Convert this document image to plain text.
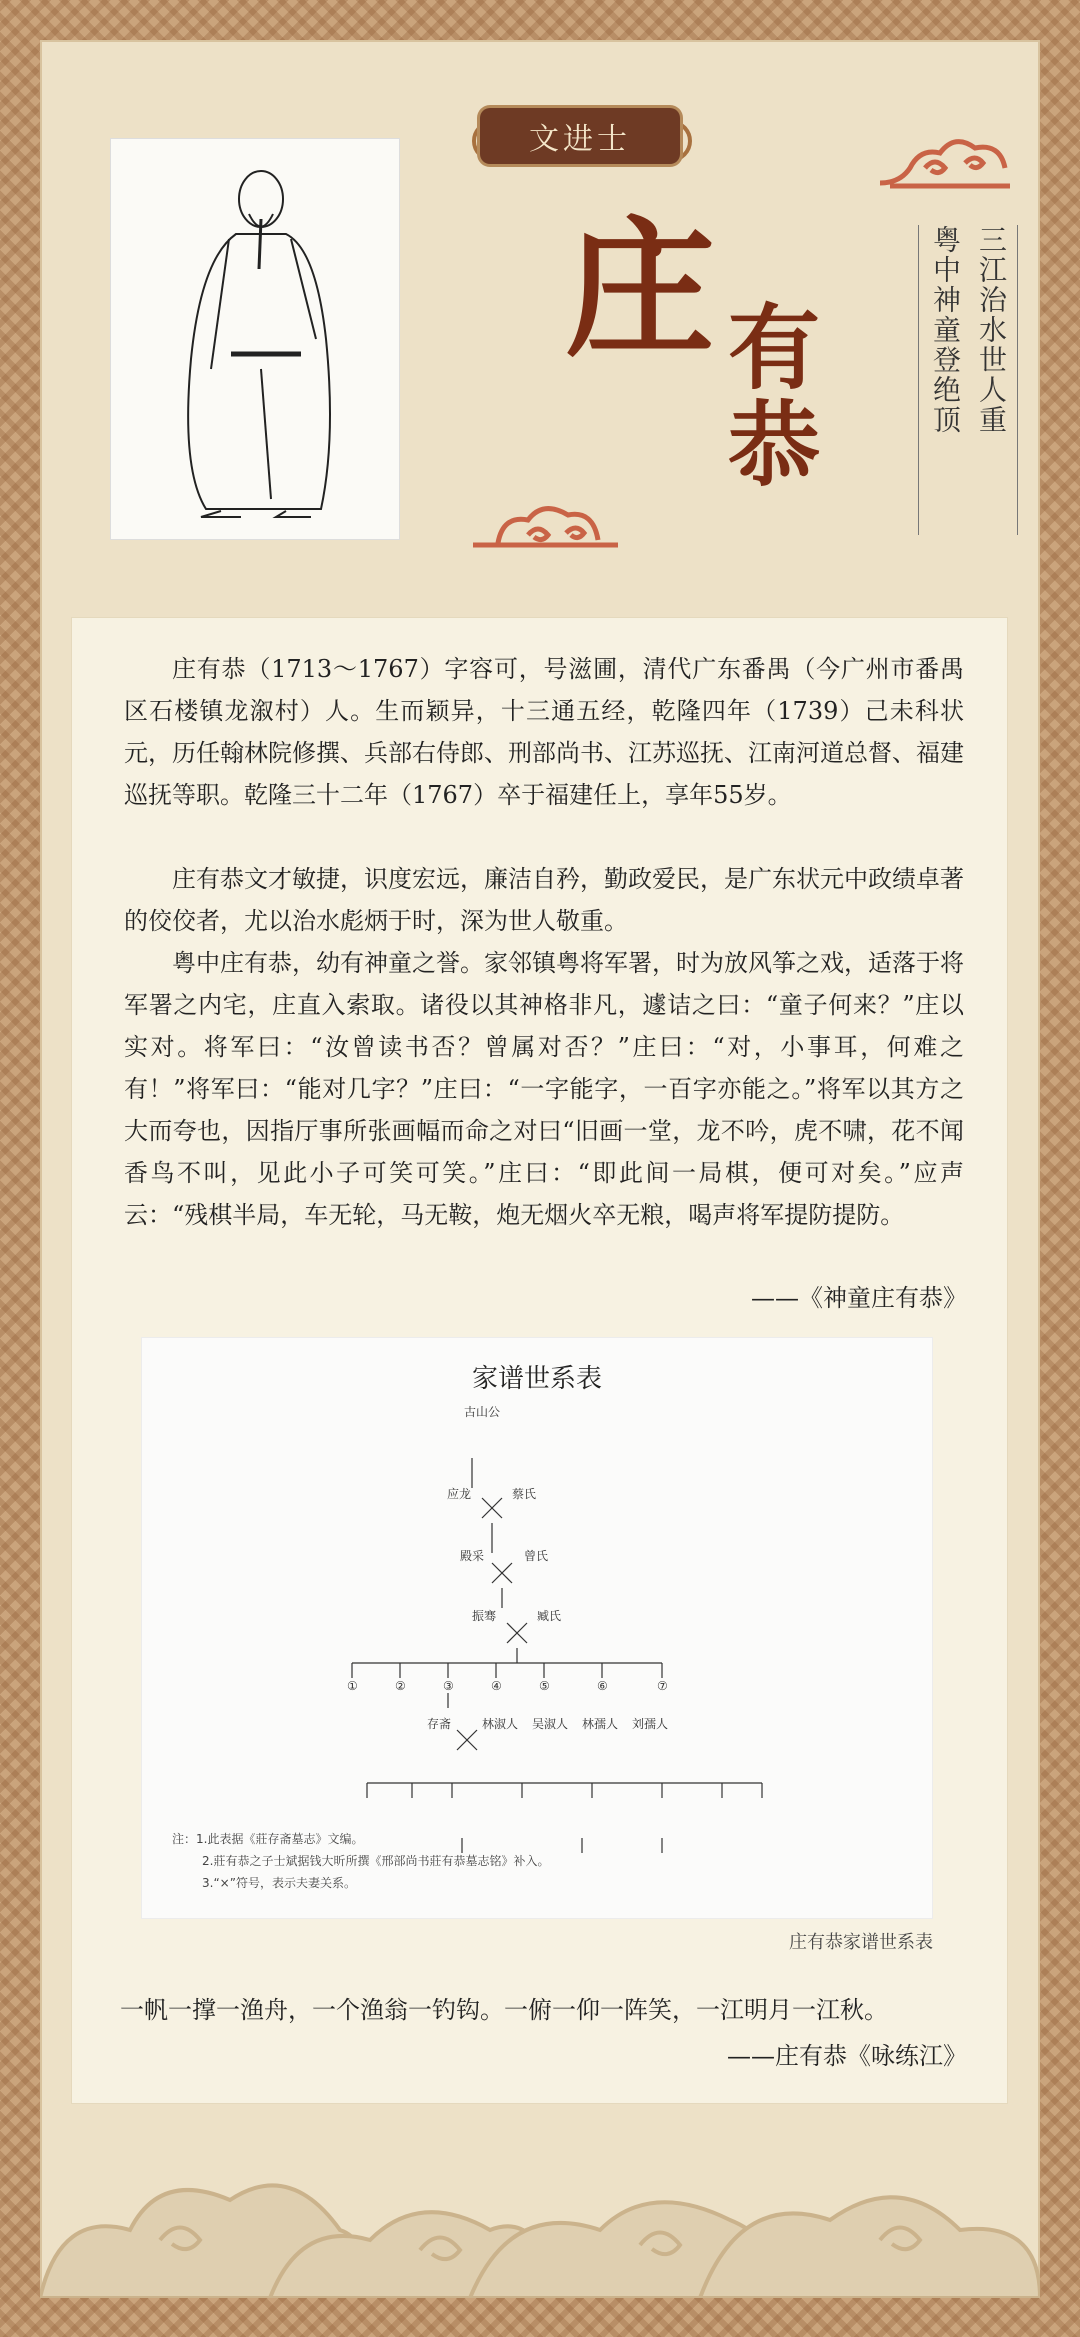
文进士
庄 有恭
粤中神童登绝顶 三江治水世人重
庄有恭（1713～1767）字容可，号滋圃，清代广东番禺（今广州市番禺区石楼镇龙溆村）人。生而颖异，十三通五经，乾隆四年（1739）己未科状元，历任翰林院修撰、兵部右侍郎、刑部尚书、江苏巡抚、江南河道总督、福建巡抚等职。乾隆三十二年（1767）卒于福建任上，享年55岁。
庄有恭文才敏捷，识度宏远，廉洁自矜，勤政爱民，是广东状元中政绩卓著的佼佼者，尤以治水彪炳于时，深为世人敬重。
粤中庄有恭，幼有神童之誉。家邻镇粤将军署，时为放风筝之戏，适落于将军署之内宅，庄直入索取。诸役以其神格非凡，遽诘之曰：“童子何来？”庄以实对。将军曰：“汝曾读书否？曾属对否？”庄曰：“对，小事耳，何难之有！”将军曰：“能对几字？”庄曰：“一字能字，一百字亦能之。”将军以其方之大而夸也，因指厅事所张画幅而命之对曰“旧画一堂，龙不吟，虎不啸，花不闻香鸟不叫，见此小子可笑可笑。”庄曰：“即此间一局棋，便可对矣。”应声云：“残棋半局，车无轮，马无鞍，炮无烟火卒无粮，喝声将军提防提防。
——《神童庄有恭》
家谱世系表
古山公
应龙	蔡氏
殿采	曾氏
振骞	臧氏
①	②	③	④	⑤	⑥	⑦
存斋	林淑人 吴淑人 林孺人 刘孺人
注：1.此表据《莊存斋墓志》文编。
2.莊有恭之子士斌据钱大昕所撰《邢部尚书莊有恭墓志铭》补入。
3.“×”符号，表示夫妻关系。
庄有恭家谱世系表
一帆一撑一渔舟，一个渔翁一钓钩。一俯一仰一阵笑，一江明月一江秋。
——庄有恭《咏练江》
